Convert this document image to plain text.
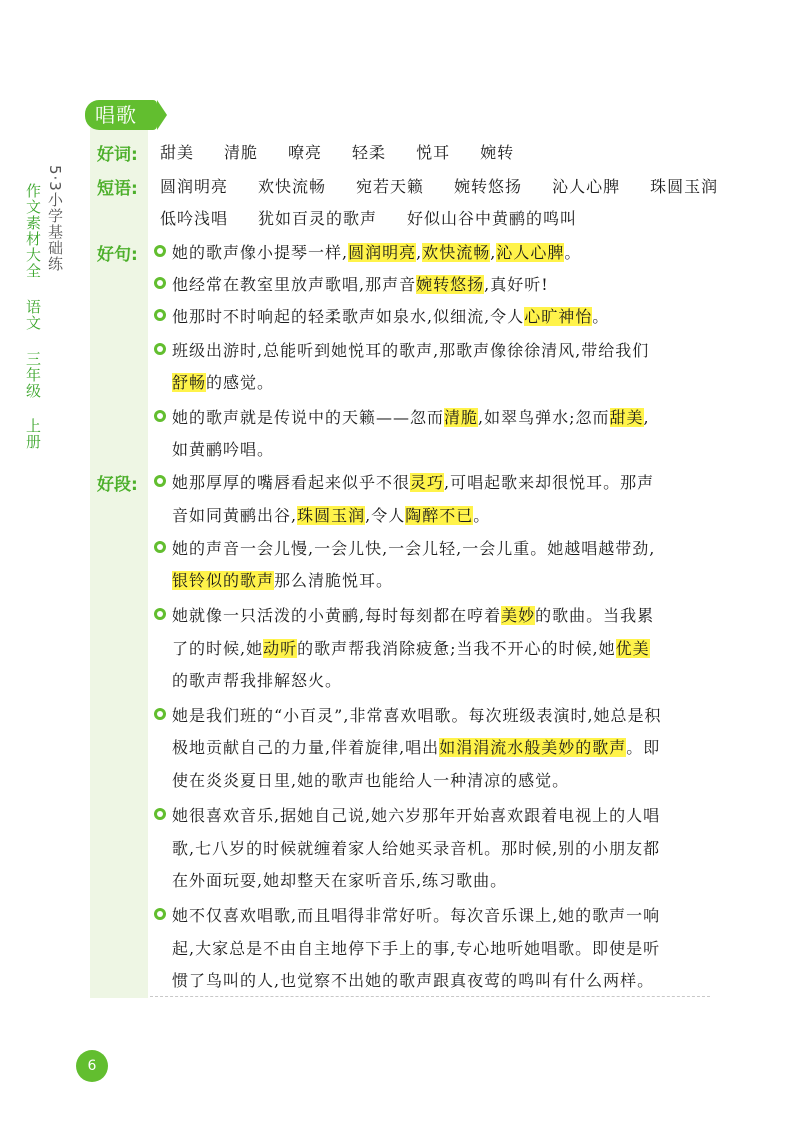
唱歌
5·3小学基础练
作文素材大全 语文 三年级 上册
好词: 甜美 清脆 嘹亮 轻柔 悦耳 婉转
短语: 圆润明亮 欢快流畅 宛若天籁 婉转悠扬 沁人心脾 珠圆玉润
低吟浅唱 犹如百灵的歌声 好似山谷中黄鹂的鸣叫
好句: 她的歌声像小提琴一样,圆润明亮,欢快流畅,沁人心脾。
他经常在教室里放声歌唱,那声音婉转悠扬,真好听!
他那时不时响起的轻柔歌声如泉水,似细流,令人心旷神怡。
班级出游时,总能听到她悦耳的歌声,那歌声像徐徐清风,带给我们
舒畅的感觉。
她的歌声就是传说中的天籁——忽而清脆,如翠鸟弹水;忽而甜美,
如黄鹂吟唱。
好段: 她那厚厚的嘴唇看起来似乎不很灵巧,可唱起歌来却很悦耳。那声
音如同黄鹂出谷,珠圆玉润,令人陶醉不已。
她的声音一会儿慢,一会儿快,一会儿轻,一会儿重。她越唱越带劲,
银铃似的歌声那么清脆悦耳。
她就像一只活泼的小黄鹂,每时每刻都在哼着美妙的歌曲。当我累
了的时候,她动听的歌声帮我消除疲惫;当我不开心的时候,她优美
的歌声帮我排解怒火。
她是我们班的“小百灵”,非常喜欢唱歌。每次班级表演时,她总是积
极地贡献自己的力量,伴着旋律,唱出如涓涓流水般美妙的歌声。即
使在炎炎夏日里,她的歌声也能给人一种清凉的感觉。
她很喜欢音乐,据她自己说,她六岁那年开始喜欢跟着电视上的人唱
歌,七八岁的时候就缠着家人给她买录音机。那时候,别的小朋友都
在外面玩耍,她却整天在家听音乐,练习歌曲。
她不仅喜欢唱歌,而且唱得非常好听。每次音乐课上,她的歌声一响
起,大家总是不由自主地停下手上的事,专心地听她唱歌。即使是听
惯了鸟叫的人,也觉察不出她的歌声跟真夜莺的鸣叫有什么两样。
6
